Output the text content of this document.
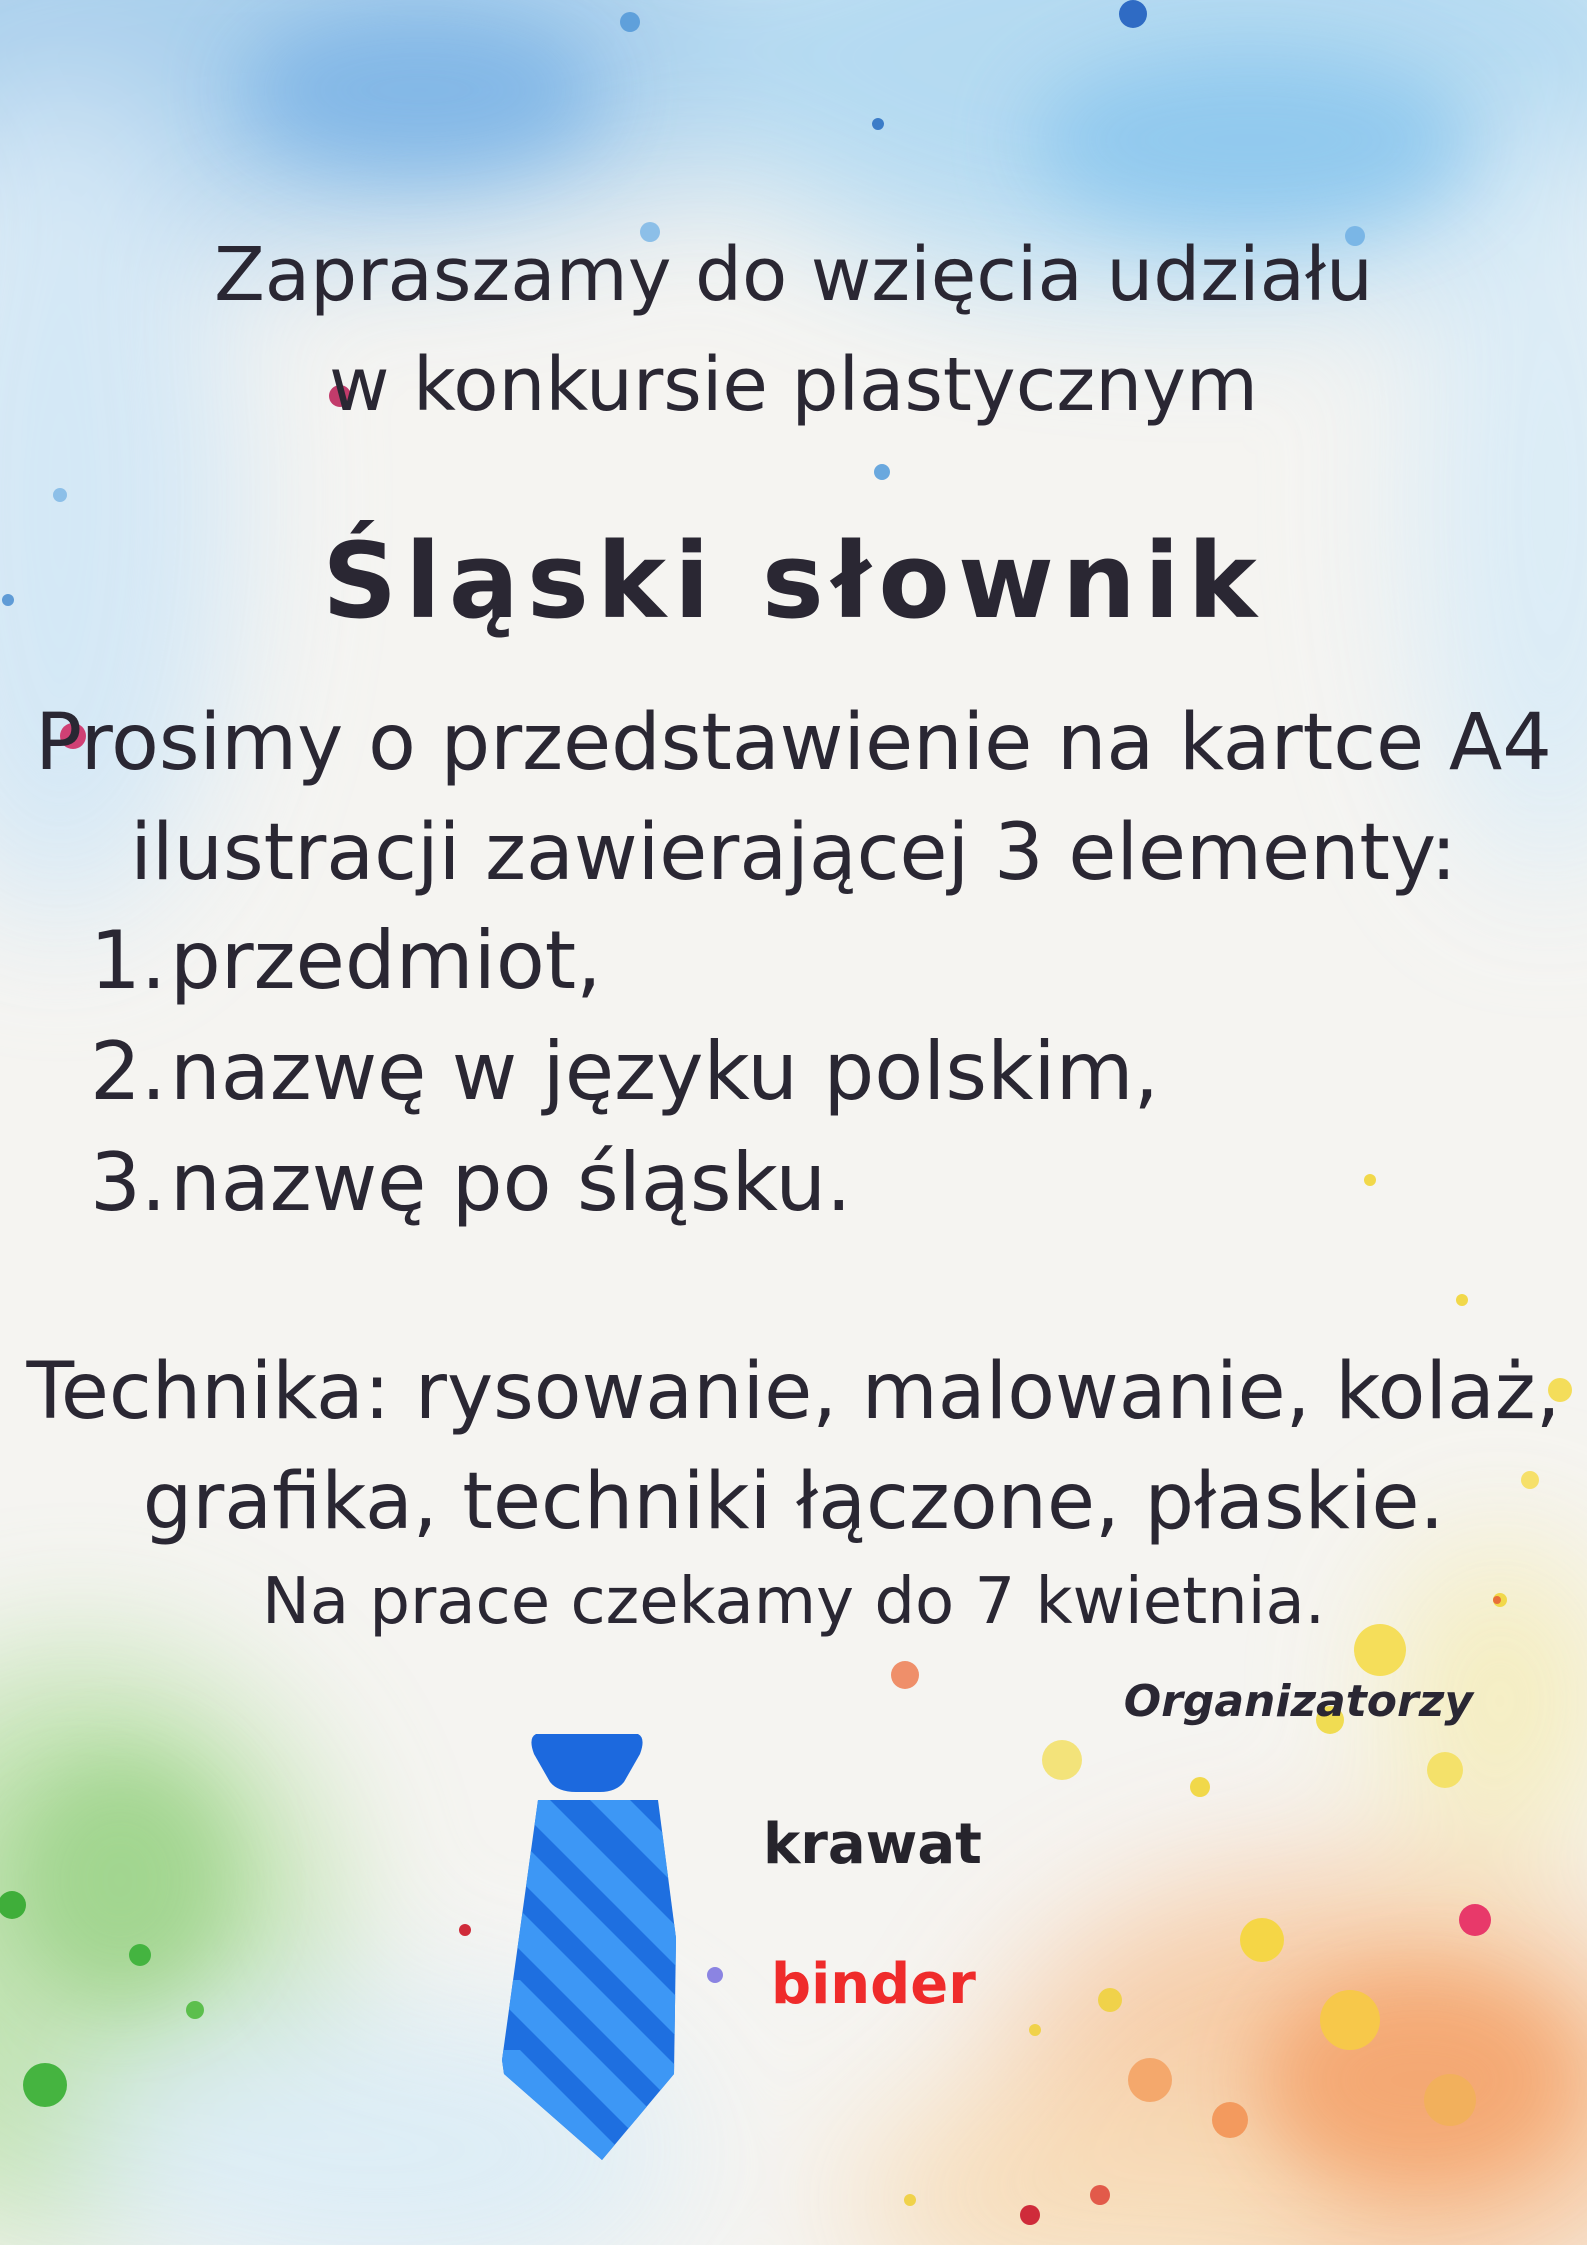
Zapraszamy do wzięcia udziału
w konkursie plastycznym
Śląski słownik
Prosimy o przedstawienie na kartce A4
ilustracji zawierającej 3 elementy:
1. przedmiot,
2. nazwę w języku polskim,
3. nazwę po śląsku.
Technika: rysowanie, malowanie, kolaż,
grafika, techniki łączone, płaskie.
Na prace czekamy do 7 kwietnia.
Organizatorzy
krawat
binder
